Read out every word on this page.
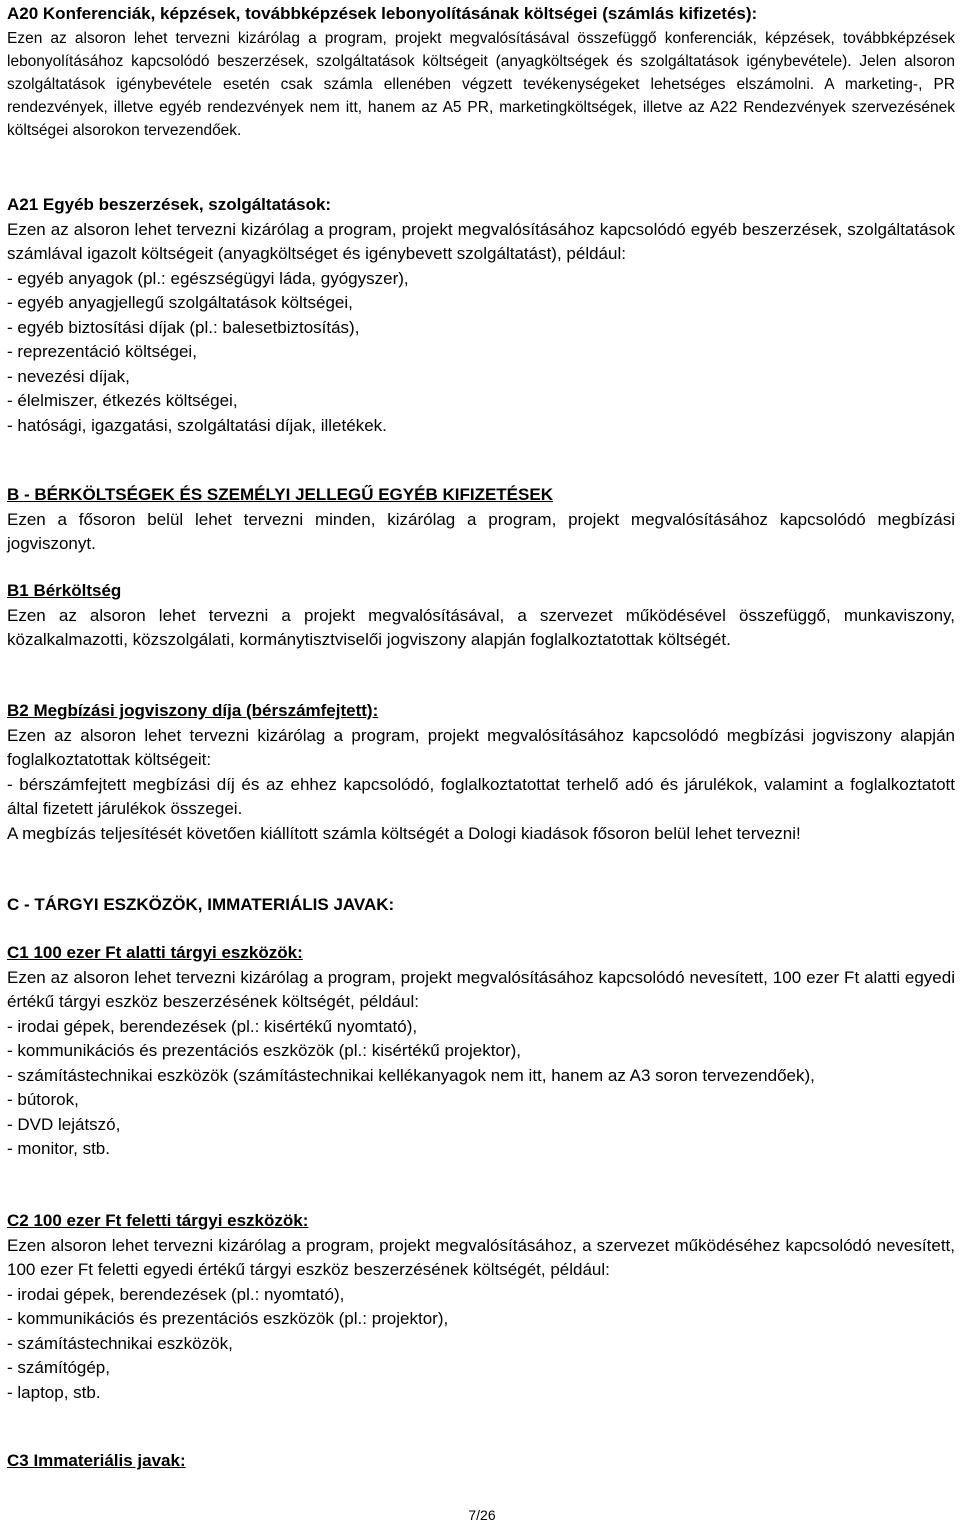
A20 Konferenciák, képzések, továbbképzések lebonyolításának költségei (számlás kifizetés):

Ezen az alsoron lehet tervezni kizárólag a program, projekt megvalósításával összefüggő konferenciák, képzések, továbbképzések lebonyolításához kapcsolódó beszerzések, szolgáltatások költségeit (anyagköltségek és szolgáltatások igénybevétele). Jelen alsoron szolgáltatások igénybevétele esetén csak számla ellenében végzett tevékenységeket lehetséges elszámolni. A marketing-, PR rendezvények, illetve egyéb rendezvények nem itt, hanem az A5 PR, marketingköltségek, illetve az A22 Rendezvények szervezésének költségei alsorokon tervezendőek.

A21 Egyéb beszerzések, szolgáltatások:

Ezen az alsoron lehet tervezni kizárólag a program, projekt megvalósításához kapcsolódó egyéb beszerzések, szolgáltatások számlával igazolt költségeit (anyagköltséget és igénybevett szolgáltatást), például:

- egyéb anyagok (pl.: egészségügyi láda, gyógyszer),

- egyéb anyagjellegű szolgáltatások költségei,

- egyéb biztosítási díjak (pl.: balesetbiztosítás),

- reprezentáció költségei,

- nevezési díjak,

- élelmiszer, étkezés költségei,

- hatósági, igazgatási, szolgáltatási díjak, illetékek.

B - BÉRKÖLTSÉGEK ÉS SZEMÉLYI JELLEGŰ EGYÉB KIFIZETÉSEK

Ezen a fősoron belül lehet tervezni minden, kizárólag a program, projekt megvalósításához kapcsolódó megbízási jogviszonyt.

B1 Bérköltség

Ezen az alsoron lehet tervezni a projekt megvalósításával, a szervezet működésével összefüggő, munkaviszony, közalkalmazotti, közszolgálati, kormánytisztviselői jogviszony alapján foglalkoztatottak költségét.

B2 Megbízási jogviszony díja (bérszámfejtett):

Ezen az alsoron lehet tervezni kizárólag a program, projekt megvalósításához kapcsolódó megbízási jogviszony alapján foglalkoztatottak költségeit:

- bérszámfejtett megbízási díj és az ehhez kapcsolódó, foglalkoztatottat terhelő adó és járulékok, valamint a foglalkoztatott által fizetett járulékok összegei.

A megbízás teljesítését követően kiállított számla költségét a Dologi kiadások fősoron belül lehet tervezni!

C - TÁRGYI ESZKÖZÖK, IMMATERIÁLIS JAVAK:

C1 100 ezer Ft alatti tárgyi eszközök:

Ezen az alsoron lehet tervezni kizárólag a program, projekt megvalósításához kapcsolódó nevesített, 100 ezer Ft alatti egyedi értékű tárgyi eszköz beszerzésének költségét, például:

- irodai gépek, berendezések (pl.: kisértékű nyomtató),

- kommunikációs és prezentációs eszközök (pl.: kisértékű projektor),

- számítástechnikai eszközök (számítástechnikai kellékanyagok nem itt, hanem az A3 soron tervezendőek),

- bútorok,

- DVD lejátszó,

- monitor, stb.

C2 100 ezer Ft feletti tárgyi eszközök:

Ezen alsoron lehet tervezni kizárólag a program, projekt megvalósításához, a szervezet működéséhez kapcsolódó nevesített, 100 ezer Ft feletti egyedi értékű tárgyi eszköz beszerzésének költségét, például:

- irodai gépek, berendezések (pl.: nyomtató),

- kommunikációs és prezentációs eszközök (pl.: projektor),

- számítástechnikai eszközök,

- számítógép,

- laptop, stb.

C3 Immateriális javak:

7/26
